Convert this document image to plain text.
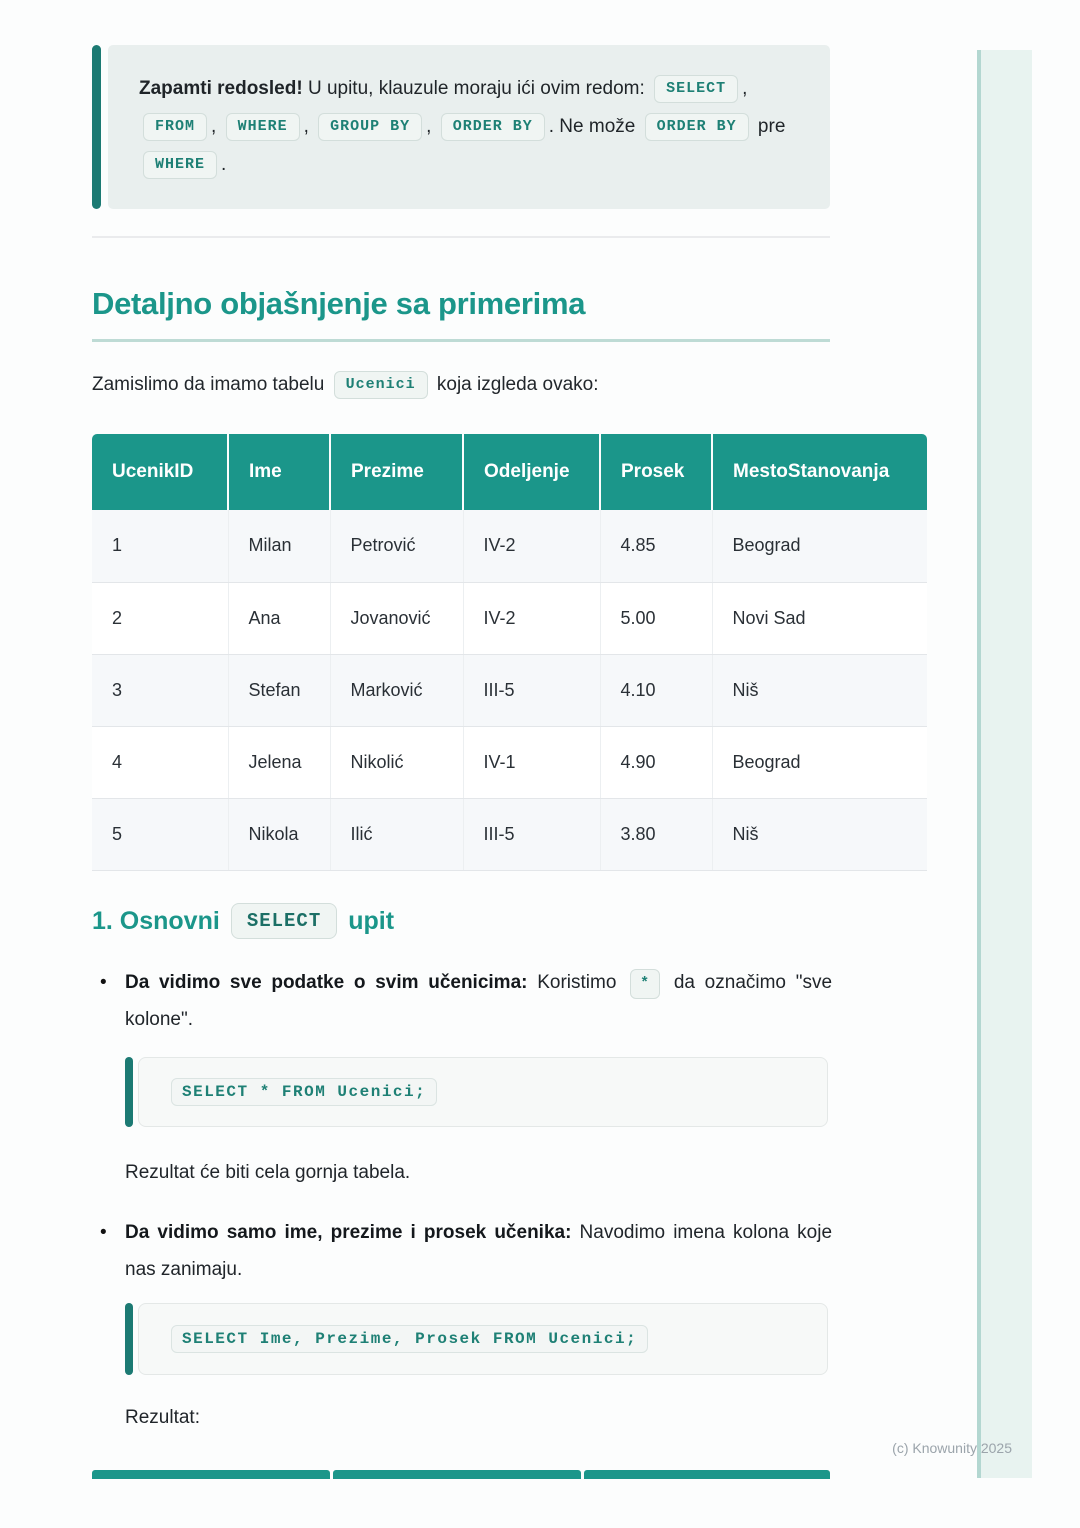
Zapamti redosled! U upitu, klauzule moraju ići ovim redom: SELECT , FROM , WHERE , GROUP BY , ORDER BY . Ne može ORDER BY pre WHERE .
Detaljno objašnjenje sa primerima

Zamislimo da imamo tabelu Ucenici koja izgleda ovako:

UcenikID	Ime	Prezime	Odeljenje	Prosek	MestoStanovanja
1	Milan	Petrović	IV-2	4.85	Beograd
2	Ana	Jovanović	IV-2	5.00	Novi Sad
3	Stefan	Marković	III-5	4.10	Niš
4	Jelena	Nikolić	IV-1	4.90	Beograd
5	Nikola	Ilić	III-5	3.80	Niš
1. Osnovni	SELECT	upit
• Da vidimo sve podatke o svim učenicima: Koristimo * da označimo "sve kolone".
SELECT * FROM Ucenici;

Rezultat će biti cela gornja tabela.

• Da vidimo samo ime, prezime i prosek učenika: Navodimo imena kolona koje nas zanimaju.
SELECT Ime, Prezime, Prosek FROM Ucenici;

Rezultat:

(c) Knowunity 2025
